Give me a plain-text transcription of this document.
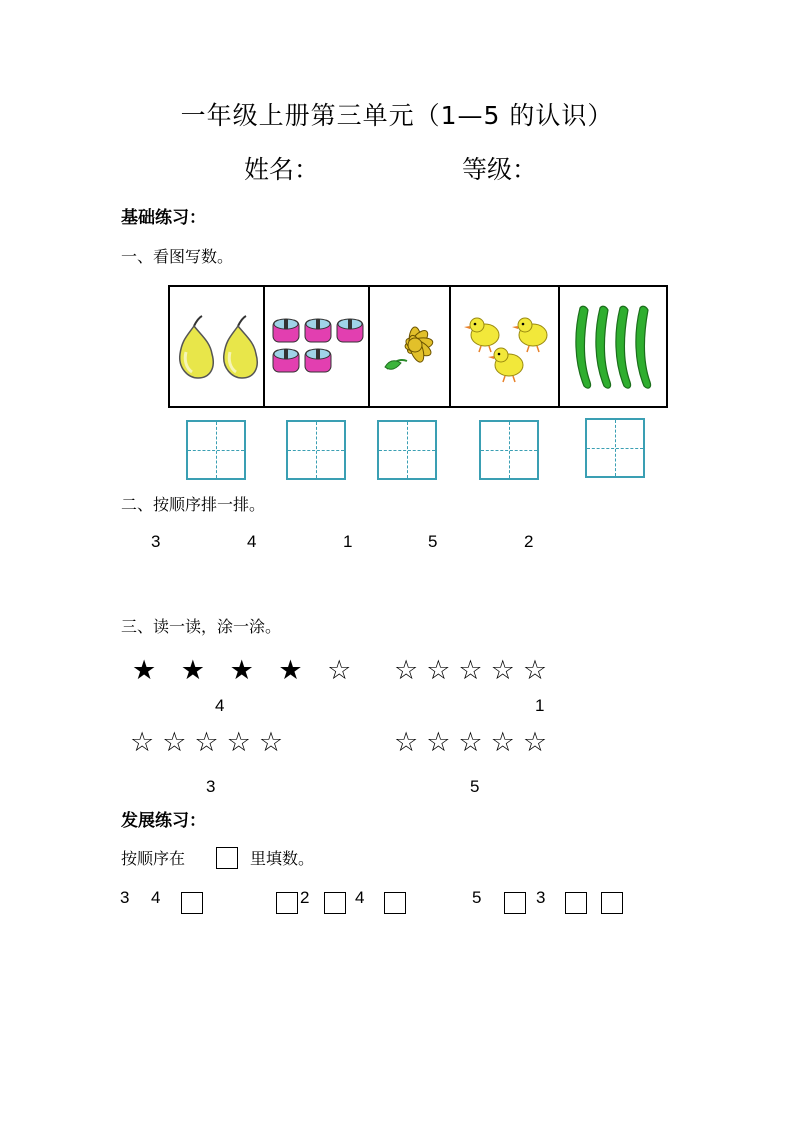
一年级上册第三单元（1—5 的认识）
姓名：	等级：
基础练习：
一、看图写数。
二、按顺序排一排。
3	4	1	5	2
三、读一读，涂一涂。
★ ★ ★ ★ ☆
4
☆☆☆☆☆
1
☆☆☆☆☆
3
☆☆☆☆☆
5
发展练习：
按顺序在	里填数。
3 4	2	4	5	3
